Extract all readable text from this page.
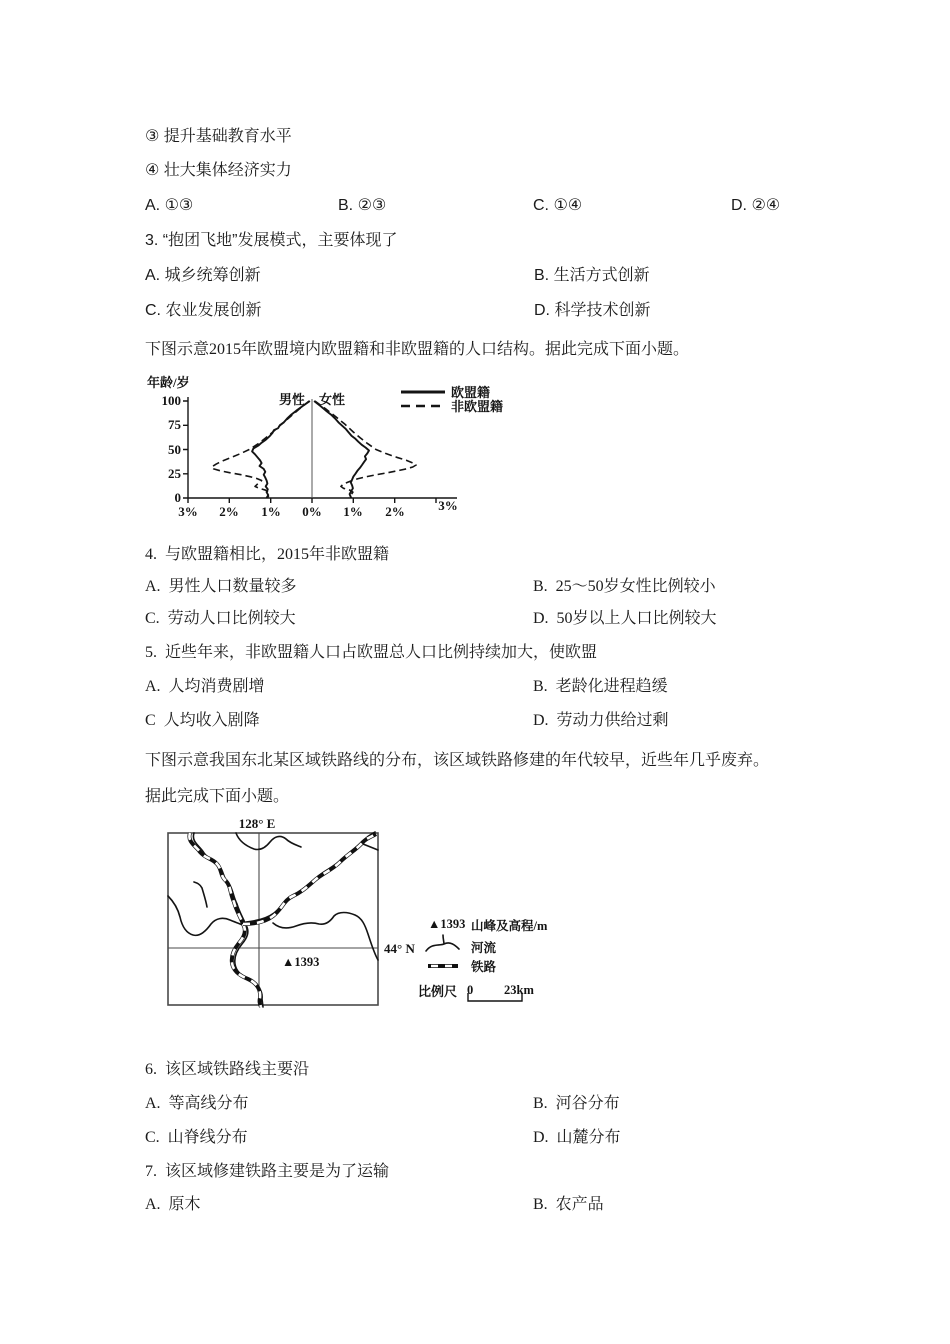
③ 提升基础教育水平
④ 壮大集体经济实力
A. ①③	B. ②③	C. ①④	D. ②④
3. “抱团飞地”发展模式，主要体现了
A. 城乡统筹创新	B. 生活方式创新
C. 农业发展创新	D. 科学技术创新
下图示意2015年欧盟境内欧盟籍和非欧盟籍的人口结构。据此完成下面小题。
年龄/岁
100
75
50
25
0
3% 2% 1% 0% 1% 2%	3%
男性 女性	欧盟籍
非欧盟籍
4.  与欧盟籍相比，2015年非欧盟籍
A.  男性人口数量较多	B.  25～50岁女性比例较小
C.  劳动人口比例较大	D.  50岁以上人口比例较大
5.  近些年来，非欧盟籍人口占欧盟总人口比例持续加大，使欧盟
A.  人均消费剧增	B.  老龄化进程趋缓
C  人均收入剧降	D.  劳动力供给过剩
下图示意我国东北某区域铁路线的分布，该区域铁路修建的年代较早，近些年几乎废弃。
据此完成下面小题。
128° E
44° N
▲1393
▲1393 山峰及高程/m
河流
铁路
比例尺 0 23km
6.  该区域铁路线主要沿
A.  等高线分布	B.  河谷分布
C.  山脊线分布	D.  山麓分布
7.  该区域修建铁路主要是为了运输
A.  原木	B.  农产品
